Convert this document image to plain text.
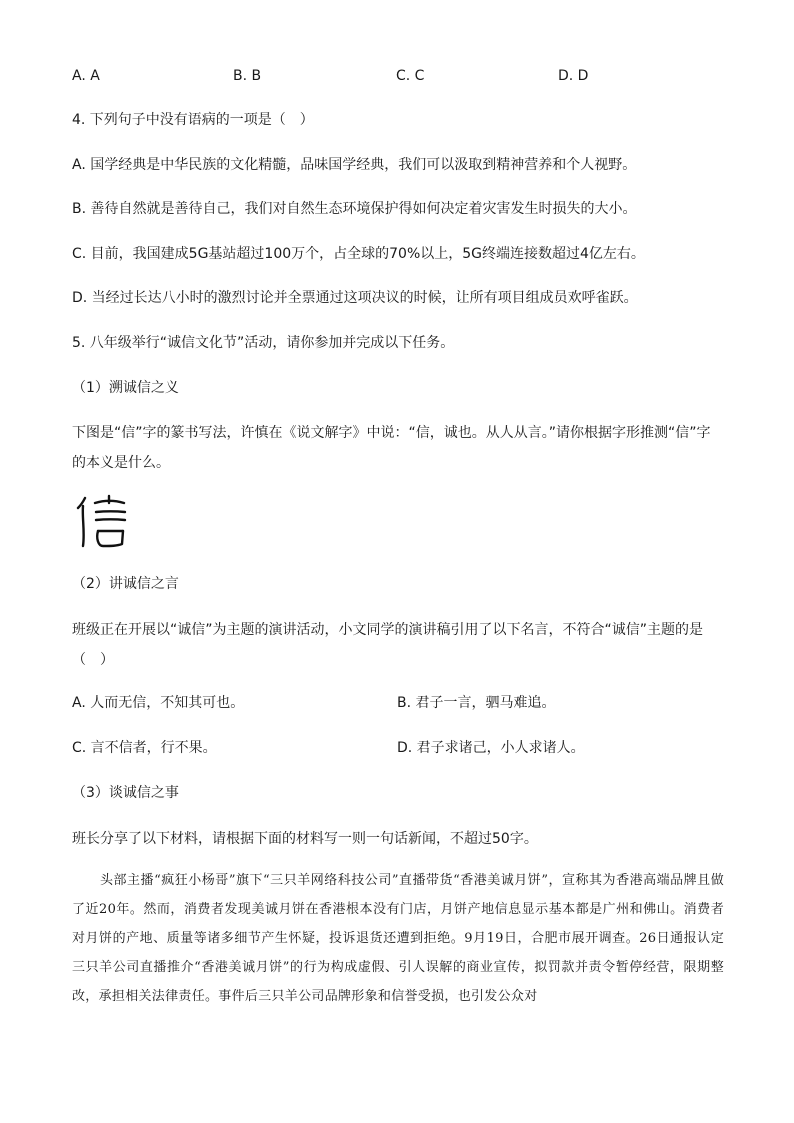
A. A	B. B	C. C	D. D
4. 下列句子中没有语病的一项是（　）
A. 国学经典是中华民族的文化精髓，品味国学经典，我们可以汲取到精神营养和个人视野。
B. 善待自然就是善待自己，我们对自然生态环境保护得如何决定着灾害发生时损失的大小。
C. 目前，我国建成5G基站超过100万个，占全球的70%以上，5G终端连接数超过4亿左右。
D. 当经过长达八小时的激烈讨论并全票通过这项决议的时候，让所有项目组成员欢呼雀跃。
5. 八年级举行“诚信文化节”活动，请你参加并完成以下任务。
（1）溯诚信之义
下图是“信”字的篆书写法，许慎在《说文解字》中说：“信，诚也。从人从言。”请你根据字形推测“信”字的本义是什么。
（2）讲诚信之言
班级正在开展以“诚信”为主题的演讲活动，小文同学的演讲稿引用了以下名言，不符合“诚信”主题的是（　）
A. 人而无信，不知其可也。	B. 君子一言，驷马难追。
C. 言不信者，行不果。	D. 君子求诸己，小人求诸人。
（3）谈诚信之事
班长分享了以下材料，请根据下面的材料写一则一句话新闻，不超过50字。
头部主播“疯狂小杨哥”旗下“三只羊网络科技公司”直播带货“香港美诚月饼”，宣称其为香港高端品牌且做了近20年。然而，消费者发现美诚月饼在香港根本没有门店，月饼产地信息显示基本都是广州和佛山。消费者对月饼的产地、质量等诸多细节产生怀疑，投诉退货还遭到拒绝。9月19日，合肥市展开调查。26日通报认定三只羊公司直播推介“香港美诚月饼”的行为构成虚假、引人误解的商业宣传，拟罚款并责令暂停经营，限期整改，承担相关法律责任。事件后三只羊公司品牌形象和信誉受损，也引发公众对
